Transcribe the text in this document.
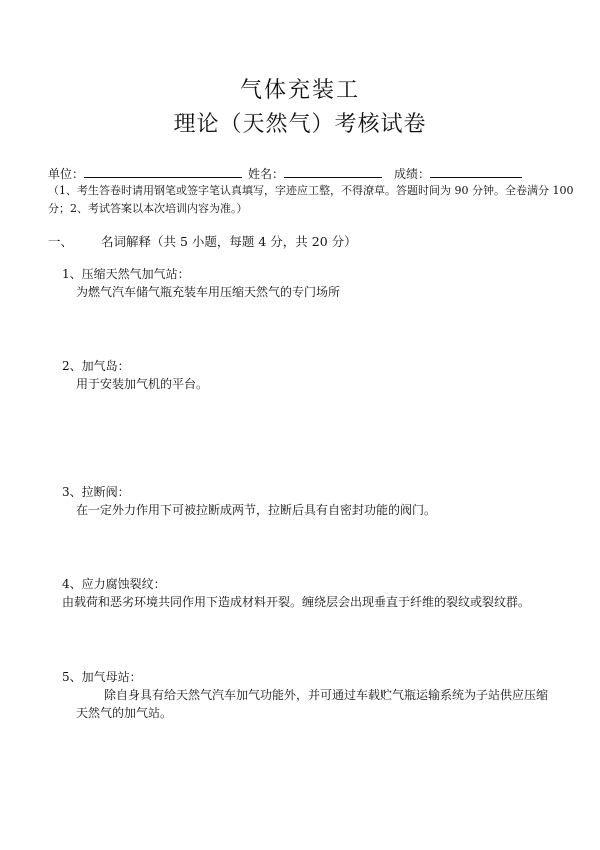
气体充装工
理论（天然气）考核试卷
单位：	姓名：	成绩：
（1、考生答卷时请用钢笔或签字笔认真填写，字迹应工整，不得潦草。答题时间为 90 分钟。全卷满分 100
分；2、考试答案以本次培训内容为准。）
一、 名词解释（共 5 小题，每题 4 分，共 20 分）
1、压缩天然气加气站：
为燃气汽车储气瓶充装车用压缩天然气的专门场所
2、加气岛：
用于安装加气机的平台。
3、拉断阀：
在一定外力作用下可被拉断成两节，拉断后具有自密封功能的阀门。
4、应力腐蚀裂纹：
由载荷和恶劣环境共同作用下造成材料开裂。缠绕层会出现垂直于纤维的裂纹或裂纹群。
5、加气母站：
除自身具有给天然气汽车加气功能外，并可通过车载贮气瓶运输系统为子站供应压缩
天然气的加气站。
